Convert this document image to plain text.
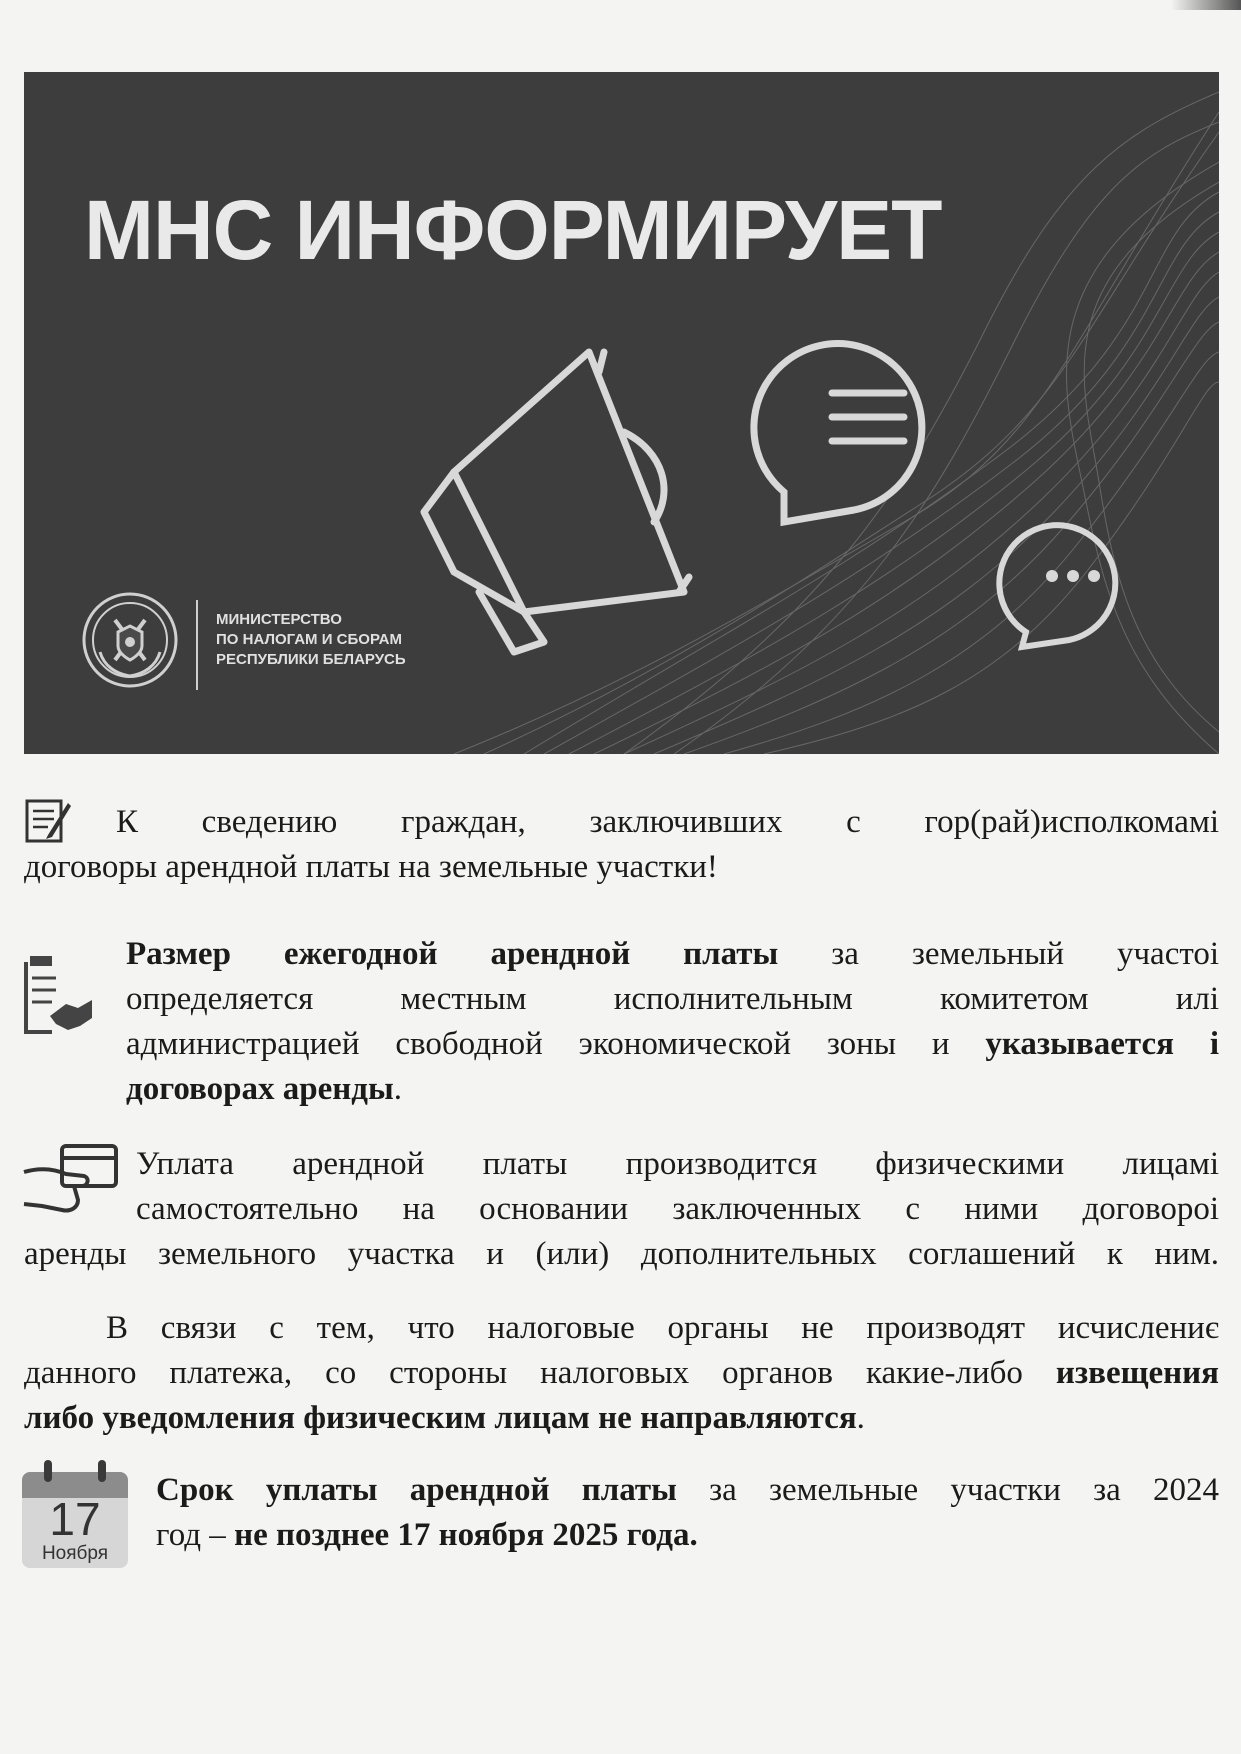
МНС ИНФОРМИРУЕТ
МИНИСТЕРСТВО
ПО НАЛОГАМ И СБОРАМ
РЕСПУБЛИКИ БЕЛАРУСЬ

К сведению граждан, заключивших с гор(рай)исполкомамі

договоры арендной платы на земельные участки!

Размер ежегодной арендной платы за земельный участоі

определяется местным исполнительным комитетом илі

администрацией свободной экономической зоны и указывается і

договорах аренды.

Уплата арендной платы производится физическими лицамі

самостоятельно на основании заключенных с ними договороі

аренды земельного участка и (или) дополнительных соглашений к ним.

В связи с тем, что налоговые органы не производят исчислениє

данного платежа, со стороны налоговых органов какие-либо извещения

либо уведомления физическим лицам не направляются.

17
Ноября

Срок уплаты арендной платы за земельные участки за 2024

год – не позднее 17 ноября 2025 года.
